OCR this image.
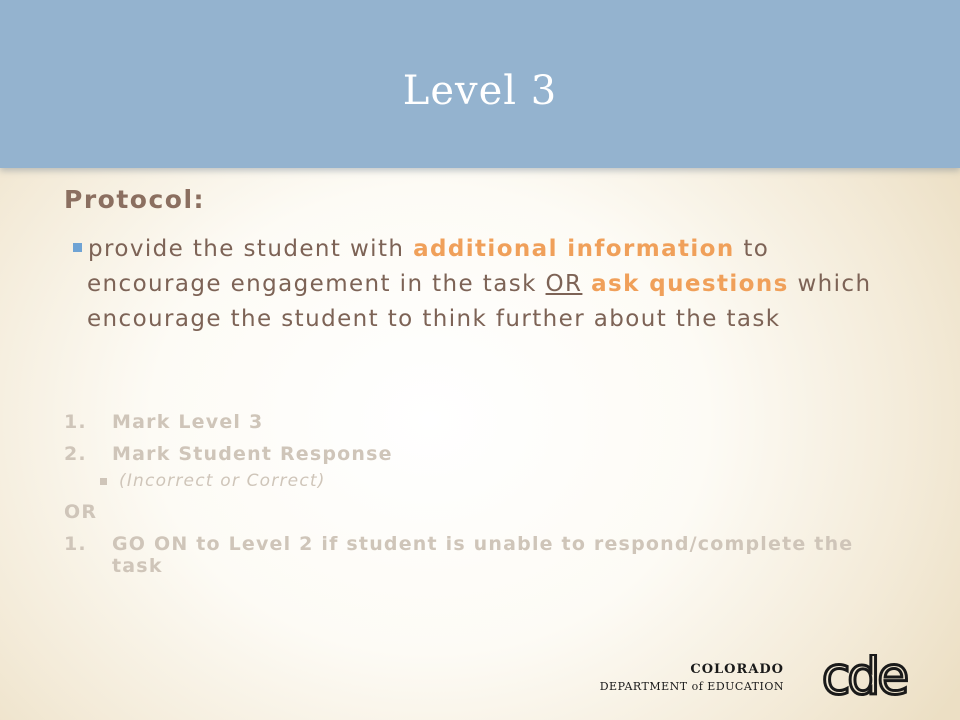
Level 3
Protocol:
provide the student with additional information to encourage engagement in the task OR ask questions which encourage the student to think further about the task
1. Mark Level 3
2. Mark Student Response
(Incorrect or Correct)
OR
1. GO ON to Level 2 if student is unable to respond/complete the task
COLORADO
DEPARTMENT of EDUCATION cde
